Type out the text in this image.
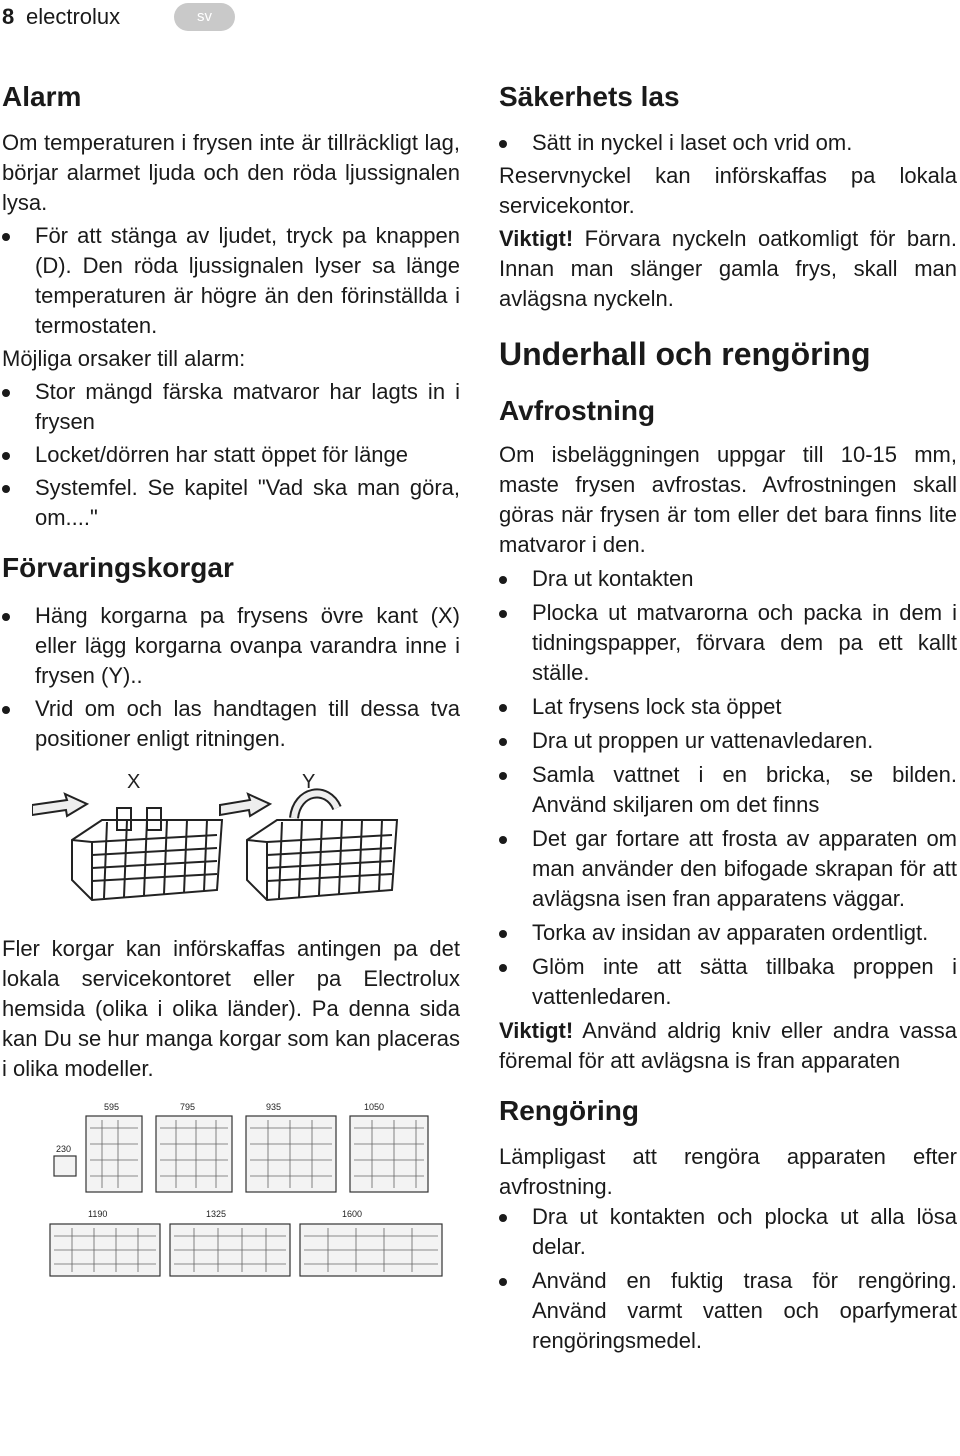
8 electrolux	sv
Alarm

Om temperaturen i frysen inte är tillräckligt lag, börjar alarmet ljuda och den röda ljussignalen lysa.

För att stänga av ljudet, tryck pa knappen (D). Den röda ljussignalen lyser sa länge temperaturen är högre än den förinställda i termostaten.

Möjliga orsaker till alarm:

Stor mängd färska matvaror har lagts in i frysen

Locket/dörren har statt öppet för länge

Systemfel. Se kapitel "Vad ska man göra, om...."

Förvaringskorgar

Häng korgarna pa frysens övre kant (X) eller lägg korgarna ovanpa varandra inne i frysen (Y)..

Vrid om och las handtagen till dessa tva positioner enligt ritningen.

X	Y

Fler korgar kan införskaffas antingen pa det lokala servicekontoret eller pa Electrolux hemsida (olika i olika länder). Pa denna sida kan Du se hur manga korgar som kan placeras i olika modeller.

595	795	935	1050
230
1190	1325	1600
Säkerhets las

Sätt in nyckel i laset och vrid om.

Reservnyckel kan införskaffas pa lokala servicekontor.

Viktigt! Förvara nyckeln oatkomligt för barn. Innan man slänger gamla frys, skall man avlägsna nyckeln.

Underhall och rengöring
Avfrostning

Om isbeläggningen uppgar till 10-15 mm, maste frysen avfrostas. Avfrostningen skall göras när frysen är tom eller det bara finns lite matvaror i den.

Dra ut kontakten

Plocka ut matvarorna och packa in dem i tidningspapper, förvara dem pa ett kallt ställe.

Lat frysens lock sta öppet

Dra ut proppen ur vattenavledaren.

Samla vattnet i en bricka, se bilden. Använd skiljaren om det finns

Det gar fortare att frosta av apparaten om man använder den bifogade skrapan för att avlägsna isen fran apparatens väggar.

Torka av insidan av apparaten ordentligt.

Glöm inte att sätta tillbaka proppen i vattenledaren.

Viktigt! Använd aldrig kniv eller andra vassa föremal för att avlägsna is fran apparaten

Rengöring

Lämpligast att rengöra apparaten efter avfrostning.

Dra ut kontakten och plocka ut alla lösa delar.

Använd en fuktig trasa för rengöring. Använd varmt vatten och oparfymerat rengöringsmedel.
